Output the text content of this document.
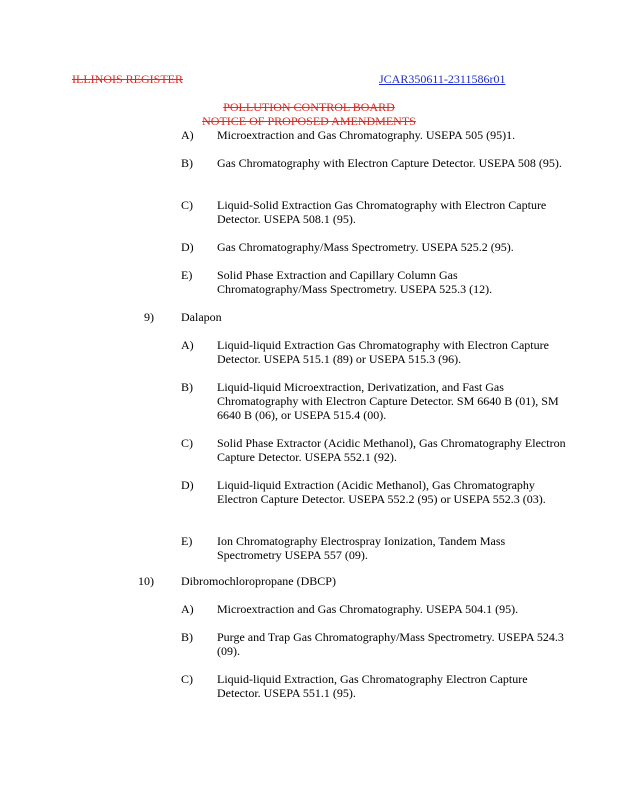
ILLINOIS REGISTER	JCAR350611-2311586r01
POLLUTION CONTROL BOARD
NOTICE OF PROPOSED AMENDMENTS
A) Microextraction and Gas Chromatography. USEPA 505 (95)1.
B) Gas Chromatography with Electron Capture Detector. USEPA 508 (95).
C) Liquid-Solid Extraction Gas Chromatography with Electron Capture Detector. USEPA 508.1 (95).
D) Gas Chromatography/Mass Spectrometry. USEPA 525.2 (95).
E) Solid Phase Extraction and Capillary Column Gas Chromatography/Mass Spectrometry. USEPA 525.3 (12).
9) Dalapon
A) Liquid-liquid Extraction Gas Chromatography with Electron Capture Detector. USEPA 515.1 (89) or USEPA 515.3 (96).
B) Liquid-liquid Microextraction, Derivatization, and Fast Gas Chromatography with Electron Capture Detector. SM 6640 B (01), SM 6640 B (06), or USEPA 515.4 (00).
C) Solid Phase Extractor (Acidic Methanol), Gas Chromatography Electron Capture Detector. USEPA 552.1 (92).
D) Liquid-liquid Extraction (Acidic Methanol), Gas Chromatography Electron Capture Detector. USEPA 552.2 (95) or USEPA 552.3 (03).
E) Ion Chromatography Electrospray Ionization, Tandem Mass Spectrometry USEPA 557 (09).
10) Dibromochloropropane (DBCP)
A) Microextraction and Gas Chromatography. USEPA 504.1 (95).
B) Purge and Trap Gas Chromatography/Mass Spectrometry. USEPA 524.3 (09).
C) Liquid-liquid Extraction, Gas Chromatography Electron Capture Detector. USEPA 551.1 (95).
